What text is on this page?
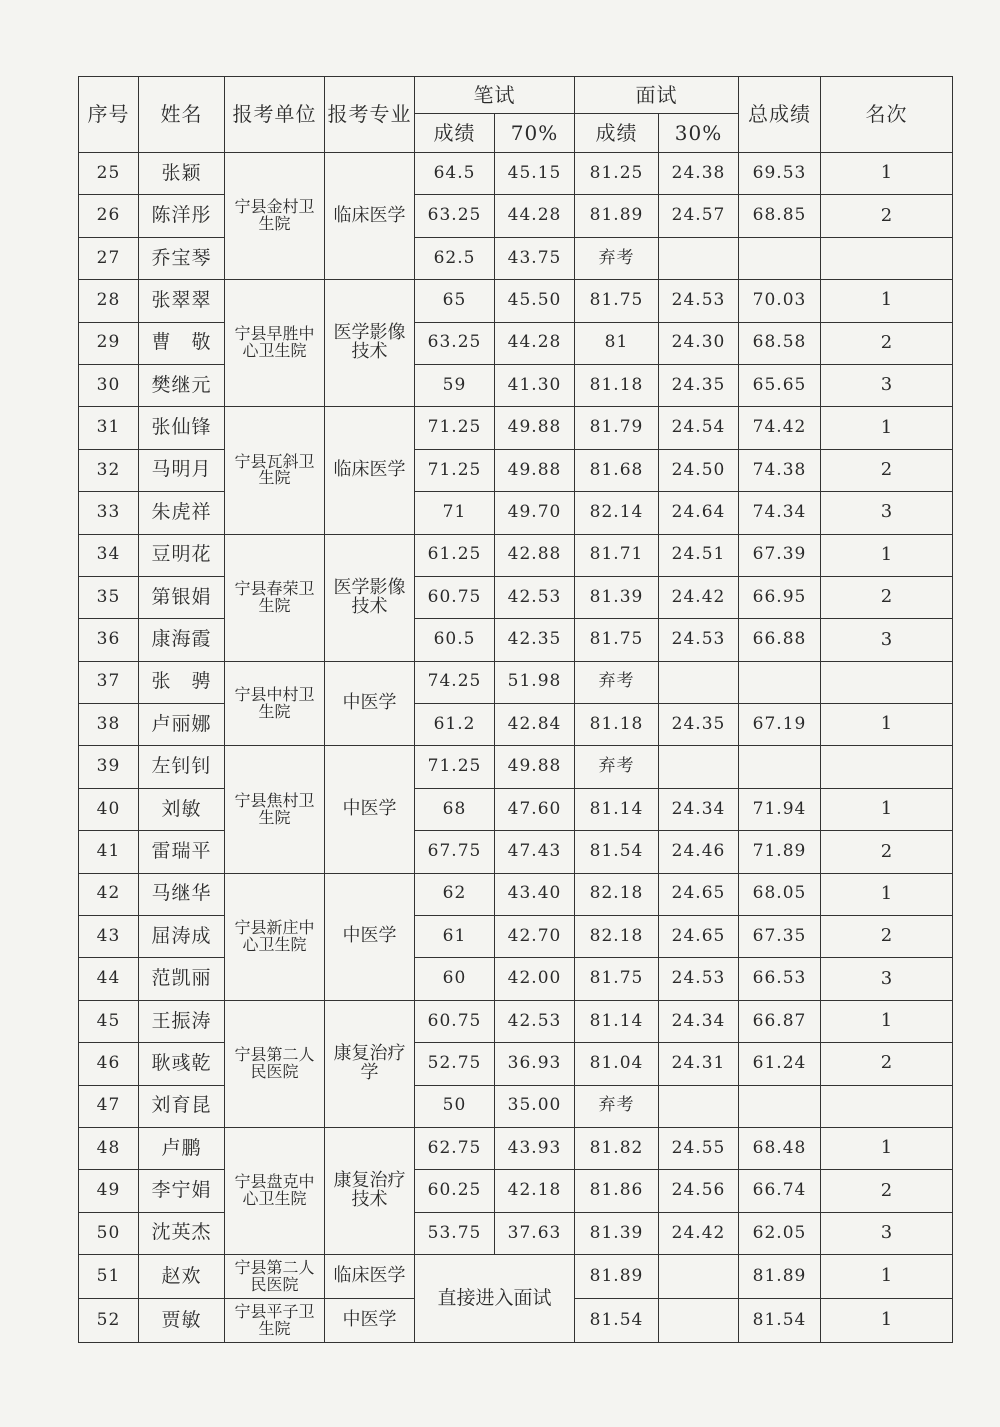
序号	姓名	报考单位	报考专业	笔试		面试		总成绩	名次
				成绩	70%	成绩	30%		
25	张颖	宁县金村卫生院	临床医学	64.5	45.15	81.25	24.38	69.53	1
26	陈洋彤			63.25	44.28	81.89	24.57	68.85	2
27	乔宝琴			62.5	43.75	弃考			
28	张翠翠	宁县早胜中心卫生院	医学影像技术	65	45.50	81.75	24.53	70.03	1
29	曹　敬			63.25	44.28	81	24.30	68.58	2
30	樊继元			59	41.30	81.18	24.35	65.65	3
31	张仙锋	宁县瓦斜卫生院	临床医学	71.25	49.88	81.79	24.54	74.42	1
32	马明月			71.25	49.88	81.68	24.50	74.38	2
33	朱虎祥			71	49.70	82.14	24.64	74.34	3
34	豆明花	宁县春荣卫生院	医学影像技术	61.25	42.88	81.71	24.51	67.39	1
35	第银娟			60.75	42.53	81.39	24.42	66.95	2
36	康海霞			60.5	42.35	81.75	24.53	66.88	3
37	张　骋	宁县中村卫生院	中医学	74.25	51.98	弃考			
38	卢丽娜			61.2	42.84	81.18	24.35	67.19	1
39	左钊钊	宁县焦村卫生院	中医学	71.25	49.88	弃考			
40	刘敏			68	47.60	81.14	24.34	71.94	1
41	雷瑞平			67.75	47.43	81.54	24.46	71.89	2
42	马继华	宁县新庄中心卫生院	中医学	62	43.40	82.18	24.65	68.05	1
43	屈涛成			61	42.70	82.18	24.65	67.35	2
44	范凯丽			60	42.00	81.75	24.53	66.53	3
45	王振涛	宁县第二人民医院	康复治疗学	60.75	42.53	81.14	24.34	66.87	1
46	耿彧乾			52.75	36.93	81.04	24.31	61.24	2
47	刘育昆			50	35.00	弃考			
48	卢鹏	宁县盘克中心卫生院	康复治疗技术	62.75	43.93	81.82	24.55	68.48	1
49	李宁娟			60.25	42.18	81.86	24.56	66.74	2
50	沈英杰			53.75	37.63	81.39	24.42	62.05	3
51	赵欢	宁县第二人民医院	临床医学	直接进入面试		81.89		81.89	1
52	贾敏	宁县平子卫生院	中医学			81.54		81.54	1
